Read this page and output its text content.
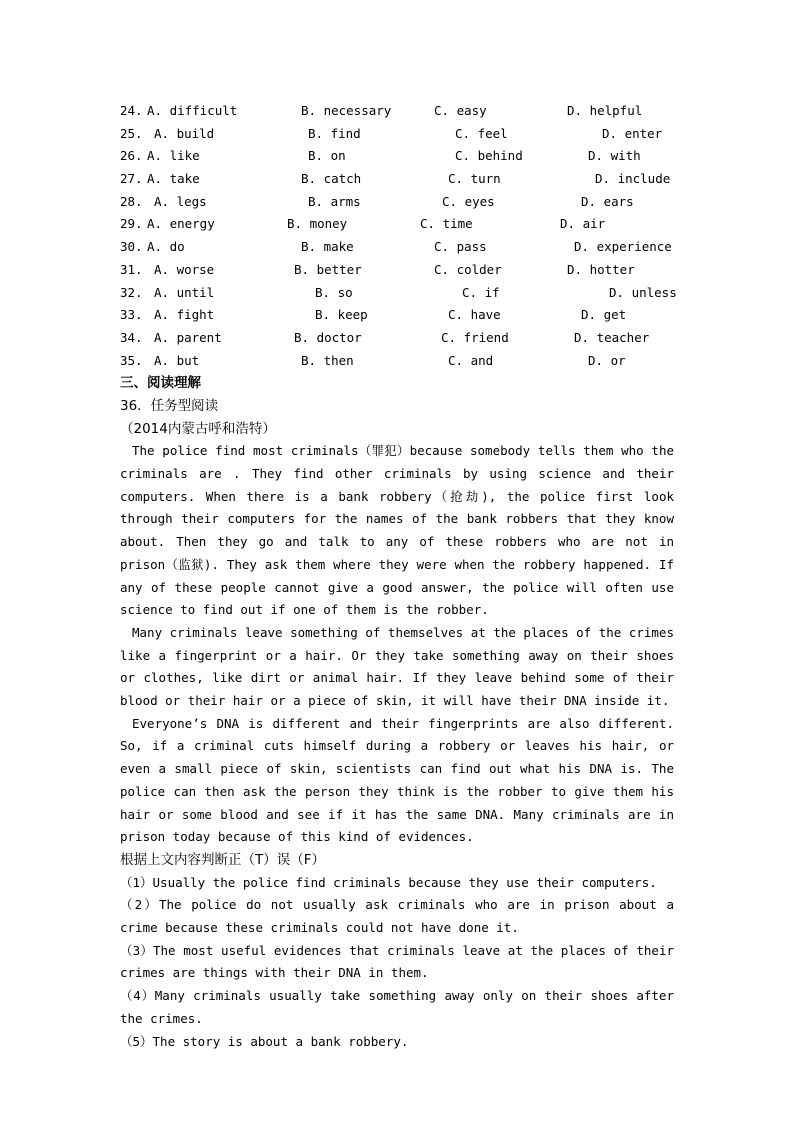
24. A. difficult	B. necessary	C. easy	D. helpful
25. A. build	B. find	C. feel	D. enter
26. A. like	B. on	C. behind	D. with
27. A. take	B. catch	C. turn	D. include
28. A. legs	B. arms	C. eyes	D. ears
29. A. energy	B. money	C. time	D. air
30. A. do	B. make	C. pass	D. experience
31. A. worse	B. better	C. colder	D. hotter
32. A. until	B. so	C. if	D. unless
33. A. fight	B. keep	C. have	D. get
34. A. parent	B. doctor	C. friend	D. teacher
35. A. but	B. then	C. and	D. or
三、阅读理解
36．任务型阅读
（2014内蒙古呼和浩特）

The police find most criminals（罪犯）because somebody tells them who the criminals are . They find other criminals by using science and their computers. When there is a bank robbery（抢劫), the police first look through their computers for the names of the bank robbers that they know about. Then they go and talk to any of these robbers who are not in prison（监狱). They ask them where they were when the robbery happened. If any of these people cannot give a good answer, the police will often use science to find out if one of them is the robber.

Many criminals leave something of themselves at the places of the crimes like a fingerprint or a hair. Or they take something away on their shoes or clothes, like dirt or animal hair. If they leave behind some of their blood or their hair or a piece of skin, it will have their DNA inside it.

Everyone’s DNA is different and their fingerprints are also different. So, if a criminal cuts himself during a robbery or leaves his hair, or even a small piece of skin, scientists can find out what his DNA is. The police can then ask the person they think is the robber to give them his hair or some blood and see if it has the same DNA. Many criminals are in prison today because of this kind of evidences.

根据上文内容判断正（T）误（F）

（1）Usually the police find criminals because they use their computers.

（2）The police do not usually ask criminals who are in prison about a crime because these criminals could not have done it.

（3）The most useful evidences that criminals leave at the places of their crimes are things with their DNA in them.

（4）Many criminals usually take something away only on their shoes after the crimes.

（5）The story is about a bank robbery.
